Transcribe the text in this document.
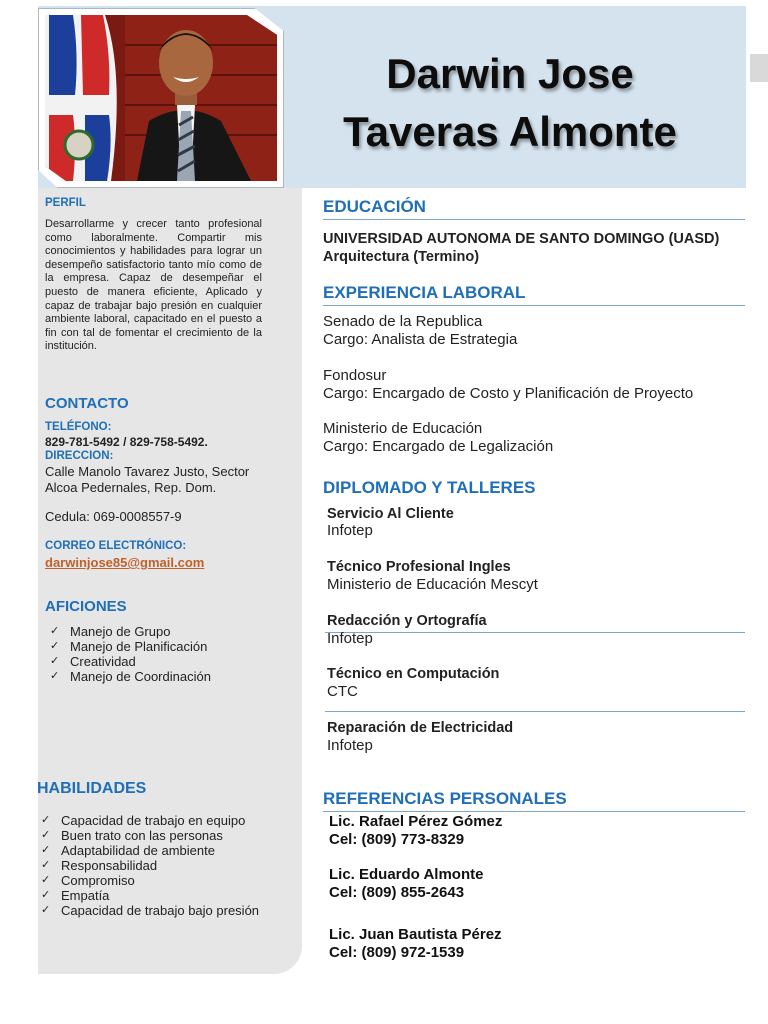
Darwin Jose
Taveras Almonte
PERFIL
Desarrollarme y crecer tanto profesional como laboralmente. Compartir mis conocimientos y habilidades para lograr un desempeño satisfactorio tanto mío como de la empresa. Capaz de desempeñar el puesto de manera eficiente, Aplicado y capaz de trabajar bajo presión en cualquier ambiente laboral, capacitado en el puesto a fin con tal de fomentar el crecimiento de la institución.
CONTACTO
TELÉFONO:
829-781-5492 / 829-758-5492.
DIRECCION:
Calle Manolo Tavarez Justo, Sector
Alcoa Pedernales, Rep. Dom.
Cedula: 069-0008557-9
CORREO ELECTRÓNICO:
darwinjose85@gmail.com
AFICIONES
✓ Manejo de Grupo
✓ Manejo de Planificación
✓ Creatividad
✓ Manejo de Coordinación
HABILIDADES
✓ Capacidad de trabajo en equipo
✓ Buen trato con las personas
✓ Adaptabilidad de ambiente
✓ Responsabilidad
✓ Compromiso
✓ Empatía
✓ Capacidad de trabajo bajo presión
EDUCACIÓN
UNIVERSIDAD AUTONOMA DE SANTO DOMINGO (UASD)
Arquitectura (Termino)
EXPERIENCIA LABORAL
Senado de la Republica
Cargo: Analista de Estrategia
Fondosur
Cargo: Encargado de Costo y Planificación de Proyecto
Ministerio de Educación
Cargo: Encargado de Legalización
DIPLOMADO Y TALLERES
Servicio Al Cliente
Infotep
Técnico Profesional Ingles
Ministerio de Educación Mescyt
Redacción y Ortografía
Infotep
Técnico en Computación
CTC
Reparación de Electricidad
Infotep
REFERENCIAS PERSONALES
Lic. Rafael Pérez Gómez
Cel: (809) 773-8329
Lic. Eduardo Almonte
Cel: (809) 855-2643
Lic. Juan Bautista Pérez
Cel: (809) 972-1539
